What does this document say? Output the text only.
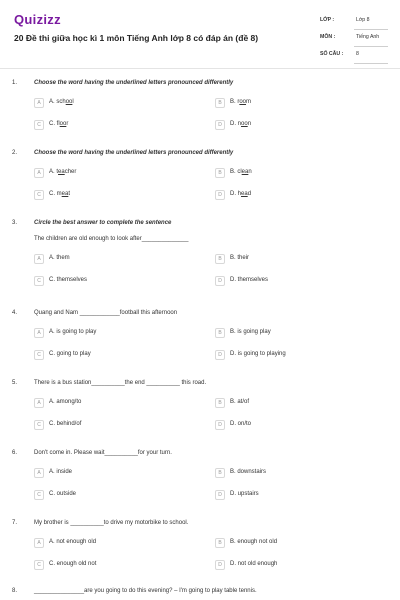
Quizizz
20 Đề thi giữa học kì 1 môn Tiếng Anh lớp 8 có đáp án (đề 8)
LỚP :	Lớp 8
MÔN :	Tiếng Anh
SỐ CÂU : 8
1.	Choose the word having the underlined letters pronounced differently
A	A. school	B	B. room
C	C. floor	D	D. noon
2.	Choose the word having the underlined letters pronounced differently
A	A. teacher	B	B. clean
C	C. meat	D	D. head
3.	Circle the best answer to complete the sentence
The children are old enough to look after______________
A	A. them	B	B. their
C	C. themselves	D	D. themselves
4.	Quang and Nam ____________football this afternoon
A	A. is going to play	B	B. is going play
C	C. going to play	D	D. is going to playing
5.	There is a bus station__________the end __________ this road.
A	A. among/to	B	B. at/of
C	C. behind/of	D	D. on/to
6.	Don't come in. Please wait__________for your turn.
A	A. inside	B	B. downstairs
C	C. outside	D	D. upstairs
7.	My brother is __________to drive my motorbike to school.
A	A. not enough old	B	B. enough not old
C	C. enough old not	D	D. not old enough
8.	_______________are you going to do this evening? – I'm going to play table tennis.
